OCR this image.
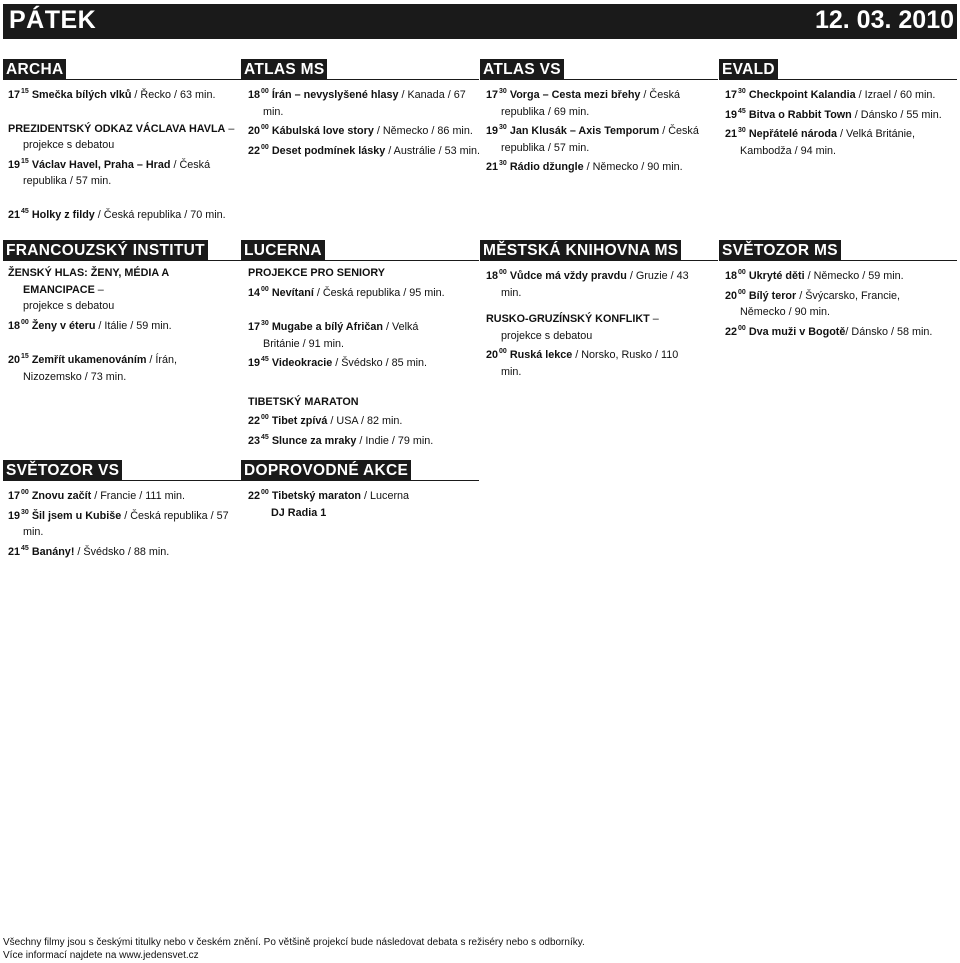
PÁTEK	12. 03. 2010
ARCHA	ATLAS MS	ATLAS VS	EVALD

$17^{15}$ Smečka bílých vlků / Řecko / 63 min.

PREZIDENTSKÝ ODKAZ VÁCLAVA HAVLA –
projekce s debatou

$19^{15}$ Václav Havel, Praha – Hrad / Česká republika / 57 min.

$21^{45}$ Holky z fildy / Česká republika / 70 min.

$18^{00}$ Írán – nevyslyšené hlasy / Kanada / 67 min.

$20^{00}$ Kábulská love story / Německo / 86 min.

$22^{00}$ Deset podmínek lásky / Austrálie / 53 min.

$17^{30}$ Vorga – Cesta mezi břehy / Česká republika / 69 min.

$19^{30}$ Jan Klusák – Axis Temporum / Česká republika / 57 min.

$21^{30}$ Rádio džungle / Německo / 90 min.

$17^{30}$ Checkpoint Kalandia / Izrael / 60 min.

$19^{45}$ Bitva o Rabbit Town / Dánsko / 55 min.

$21^{30}$ Nepřátelé národa / Velká Británie, Kambodža / 94 min.

FRANCOUZSKÝ INSTITUT	LUCERNA	MĚSTSKÁ KNIHOVNA MS	SVĚTOZOR MS

ŽENSKÝ HLAS: ŽENY, MÉDIA A EMANCIPACE –
projekce s debatou

$18^{00}$ Ženy v éteru / Itálie / 59 min.

$20^{15}$ Zemřít ukamenováním / Írán, Nizozemsko / 73 min.

PROJEKCE PRO SENIORY

$14^{00}$ Nevítaní / Česká republika / 95 min.

$17^{30}$ Mugabe a bílý Afričan / Velká Británie / 91 min.

$19^{45}$ Videokracie / Švédsko / 85 min.

TIBETSKÝ MARATON

$22^{00}$ Tibet zpívá / USA / 82 min.

$23^{45}$ Slunce za mraky / Indie / 79 min.

$18^{00}$ Vůdce má vždy pravdu / Gruzie / 43 min.

RUSKO-GRUZÍNSKÝ KONFLIKT – projekce s debatou

$20^{00}$ Ruská lekce / Norsko, Rusko / 110 min.

$18^{00}$ Ukryté děti / Německo / 59 min.

$20^{00}$ Bílý teror / Švýcarsko, Francie, Německo / 90 min.

$22^{00}$ Dva muži v Bogotě/ Dánsko / 58 min.

SVĚTOZOR VS	DOPROVODNÉ AKCE

$17^{00}$ Znovu začít / Francie / 111 min.

$19^{30}$ Šil jsem u Kubiše / Česká republika / 57 min.

$21^{45}$ Banány! / Švédsko / 88 min.

$22^{00}$ Tibetský maraton / Lucerna

DJ Radia 1

Všechny filmy jsou s českými titulky nebo v českém znění. Po většině projekcí bude následovat debata s režiséry nebo s odborníky.
Více informací najdete na www.jedensvet.cz
